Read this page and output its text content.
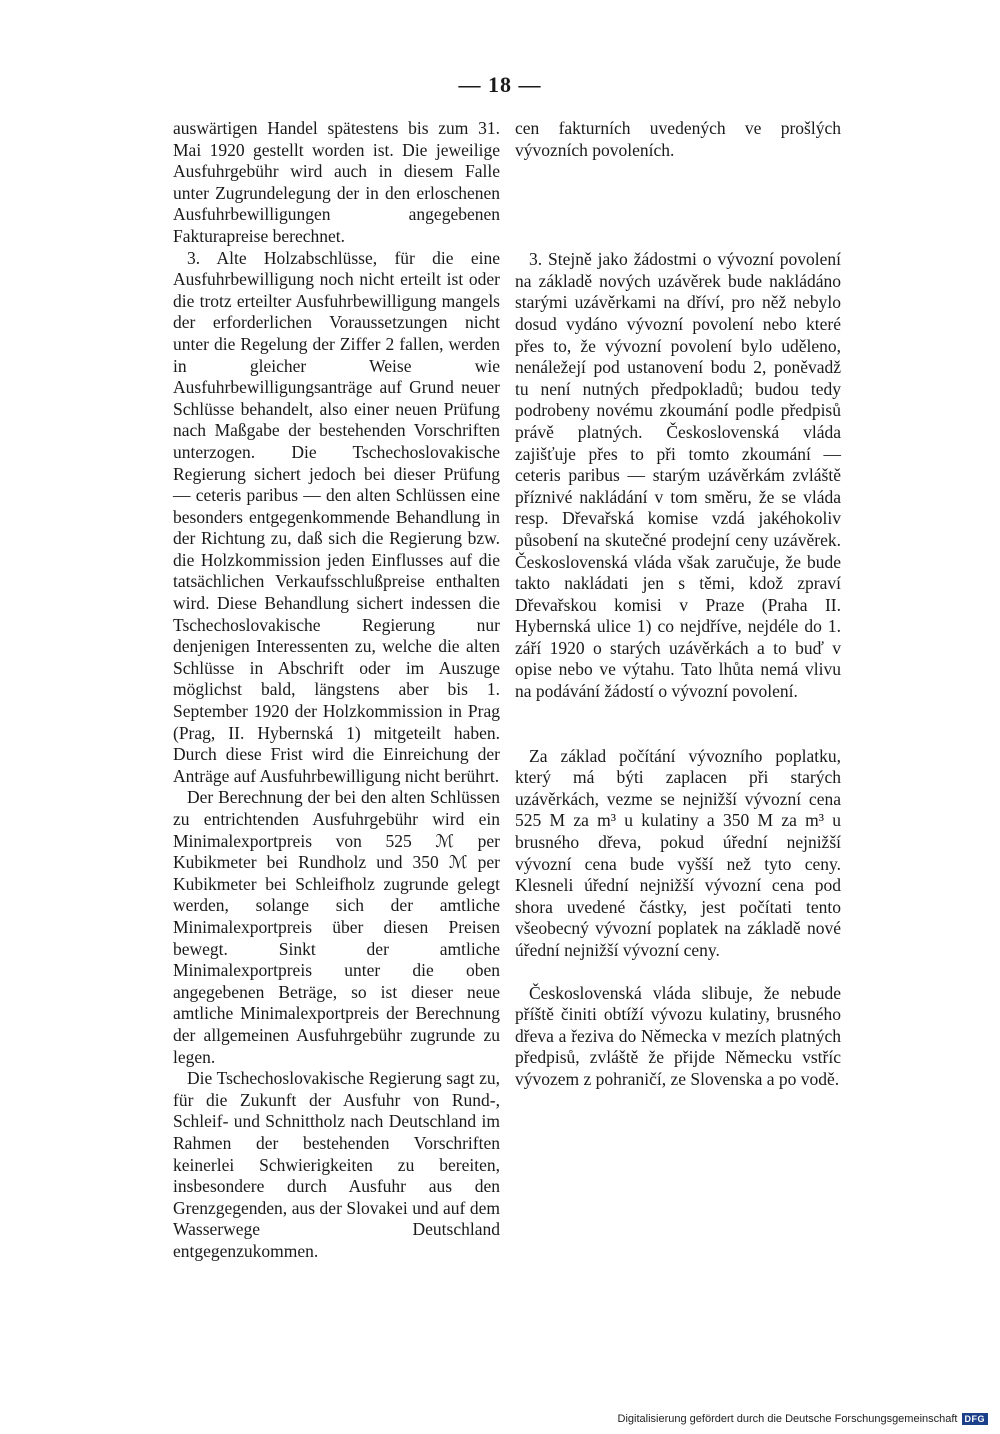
— 18 —

auswärtigen Handel spätestens bis zum 31. Mai 1920 gestellt worden ist. Die jeweilige Ausfuhrgebühr wird auch in diesem Falle unter Zugrundelegung der in den erloschenen Ausfuhrbewilligungen angegebenen Fakturapreise berechnet.

3. Alte Holzabschlüsse, für die eine Ausfuhrbewilligung noch nicht erteilt ist oder die trotz erteilter Ausfuhrbewilligung mangels der erforderlichen Voraussetzungen nicht unter die Regelung der Ziffer 2 fallen, werden in gleicher Weise wie Ausfuhrbewilligungsanträge auf Grund neuer Schlüsse behandelt, also einer neuen Prüfung nach Maßgabe der bestehenden Vorschriften unterzogen. Die Tschechoslovakische Regierung sichert jedoch bei dieser Prüfung — ceteris paribus — den alten Schlüssen eine besonders entgegenkommende Behandlung in der Richtung zu, daß sich die Regierung bzw. die Holzkommission jeden Einflusses auf die tatsächlichen Verkaufsschlußpreise enthalten wird. Diese Behandlung sichert indessen die Tschechoslovakische Regierung nur denjenigen Interessenten zu, welche die alten Schlüsse in Abschrift oder im Auszuge möglichst bald, längstens aber bis 1. September 1920 der Holzkommission in Prag (Prag, II. Hybernská 1) mitgeteilt haben. Durch diese Frist wird die Einreichung der Anträge auf Ausfuhrbewilligung nicht berührt.

Der Berechnung der bei den alten Schlüssen zu entrichtenden Ausfuhrgebühr wird ein Minimalexportpreis von 525 ℳ per Kubikmeter bei Rundholz und 350 ℳ per Kubikmeter bei Schleifholz zugrunde gelegt werden, solange sich der amtliche Minimalexportpreis über diesen Preisen bewegt. Sinkt der amtliche Minimalexportpreis unter die oben angegebenen Beträge, so ist dieser neue amtliche Minimalexportpreis der Berechnung der allgemeinen Ausfuhrgebühr zugrunde zu legen.

Die Tschechoslovakische Regierung sagt zu, für die Zukunft der Ausfuhr von Rund-, Schleif- und Schnittholz nach Deutschland im Rahmen der bestehenden Vorschriften keinerlei Schwierigkeiten zu bereiten, insbesondere durch Ausfuhr aus den Grenzgegenden, aus der Slovakei und auf dem Wasserwege Deutschland entgegenzukommen.

cen fakturních uvedených ve prošlých vývozních povoleních.

3. Stejně jako žádostmi o vývozní povolení na základě nových uzávěrek bude nakládáno starými uzávěrkami na dříví, pro něž nebylo dosud vydáno vývozní povolení nebo které přes to, že vývozní povolení bylo uděleno, nenáležejí pod ustanovení bodu 2, poněvadž tu není nutných předpokladů; budou tedy podrobeny novému zkoumání podle předpisů právě platných. Československá vláda zajišťuje přes to při tomto zkoumání — ceteris paribus — starým uzávěrkám zvláště příznivé nakládání v tom směru, že se vláda resp. Dřevařská komise vzdá jakéhokoliv působení na skutečné prodejní ceny uzávěrek. Československá vláda však zaručuje, že bude takto nakládati jen s těmi, kdož zpraví Dřevařskou komisi v Praze (Praha II. Hybernská ulice 1) co nejdříve, nejdéle do 1. září 1920 o starých uzávěrkách a to buď v opise nebo ve výtahu. Tato lhůta nemá vlivu na podávání žádostí o vývozní povolení.

Za základ počítání vývozního poplatku, který má býti zaplacen při starých uzávěrkách, vezme se nejnižší vývozní cena 525 M za m³ u kulatiny a 350 M za m³ u brusného dřeva, pokud úřední nejnižší vývozní cena bude vyšší než tyto ceny. Klesneli úřední nejnižší vývozní cena pod shora uvedené částky, jest počítati tento všeobecný vývozní poplatek na základě nové úřední nejnižší vývozní ceny.

Československá vláda slibuje, že nebude příště činiti obtíží vývozu kulatiny, brusného dřeva a řeziva do Německa v mezích platných předpisů, zvláště že přijde Německu vstříc vývozem z pohraničí, ze Slovenska a po vodě.

Digitalisierung gefördert durch die Deutsche Forschungsgemeinschaft DFG
